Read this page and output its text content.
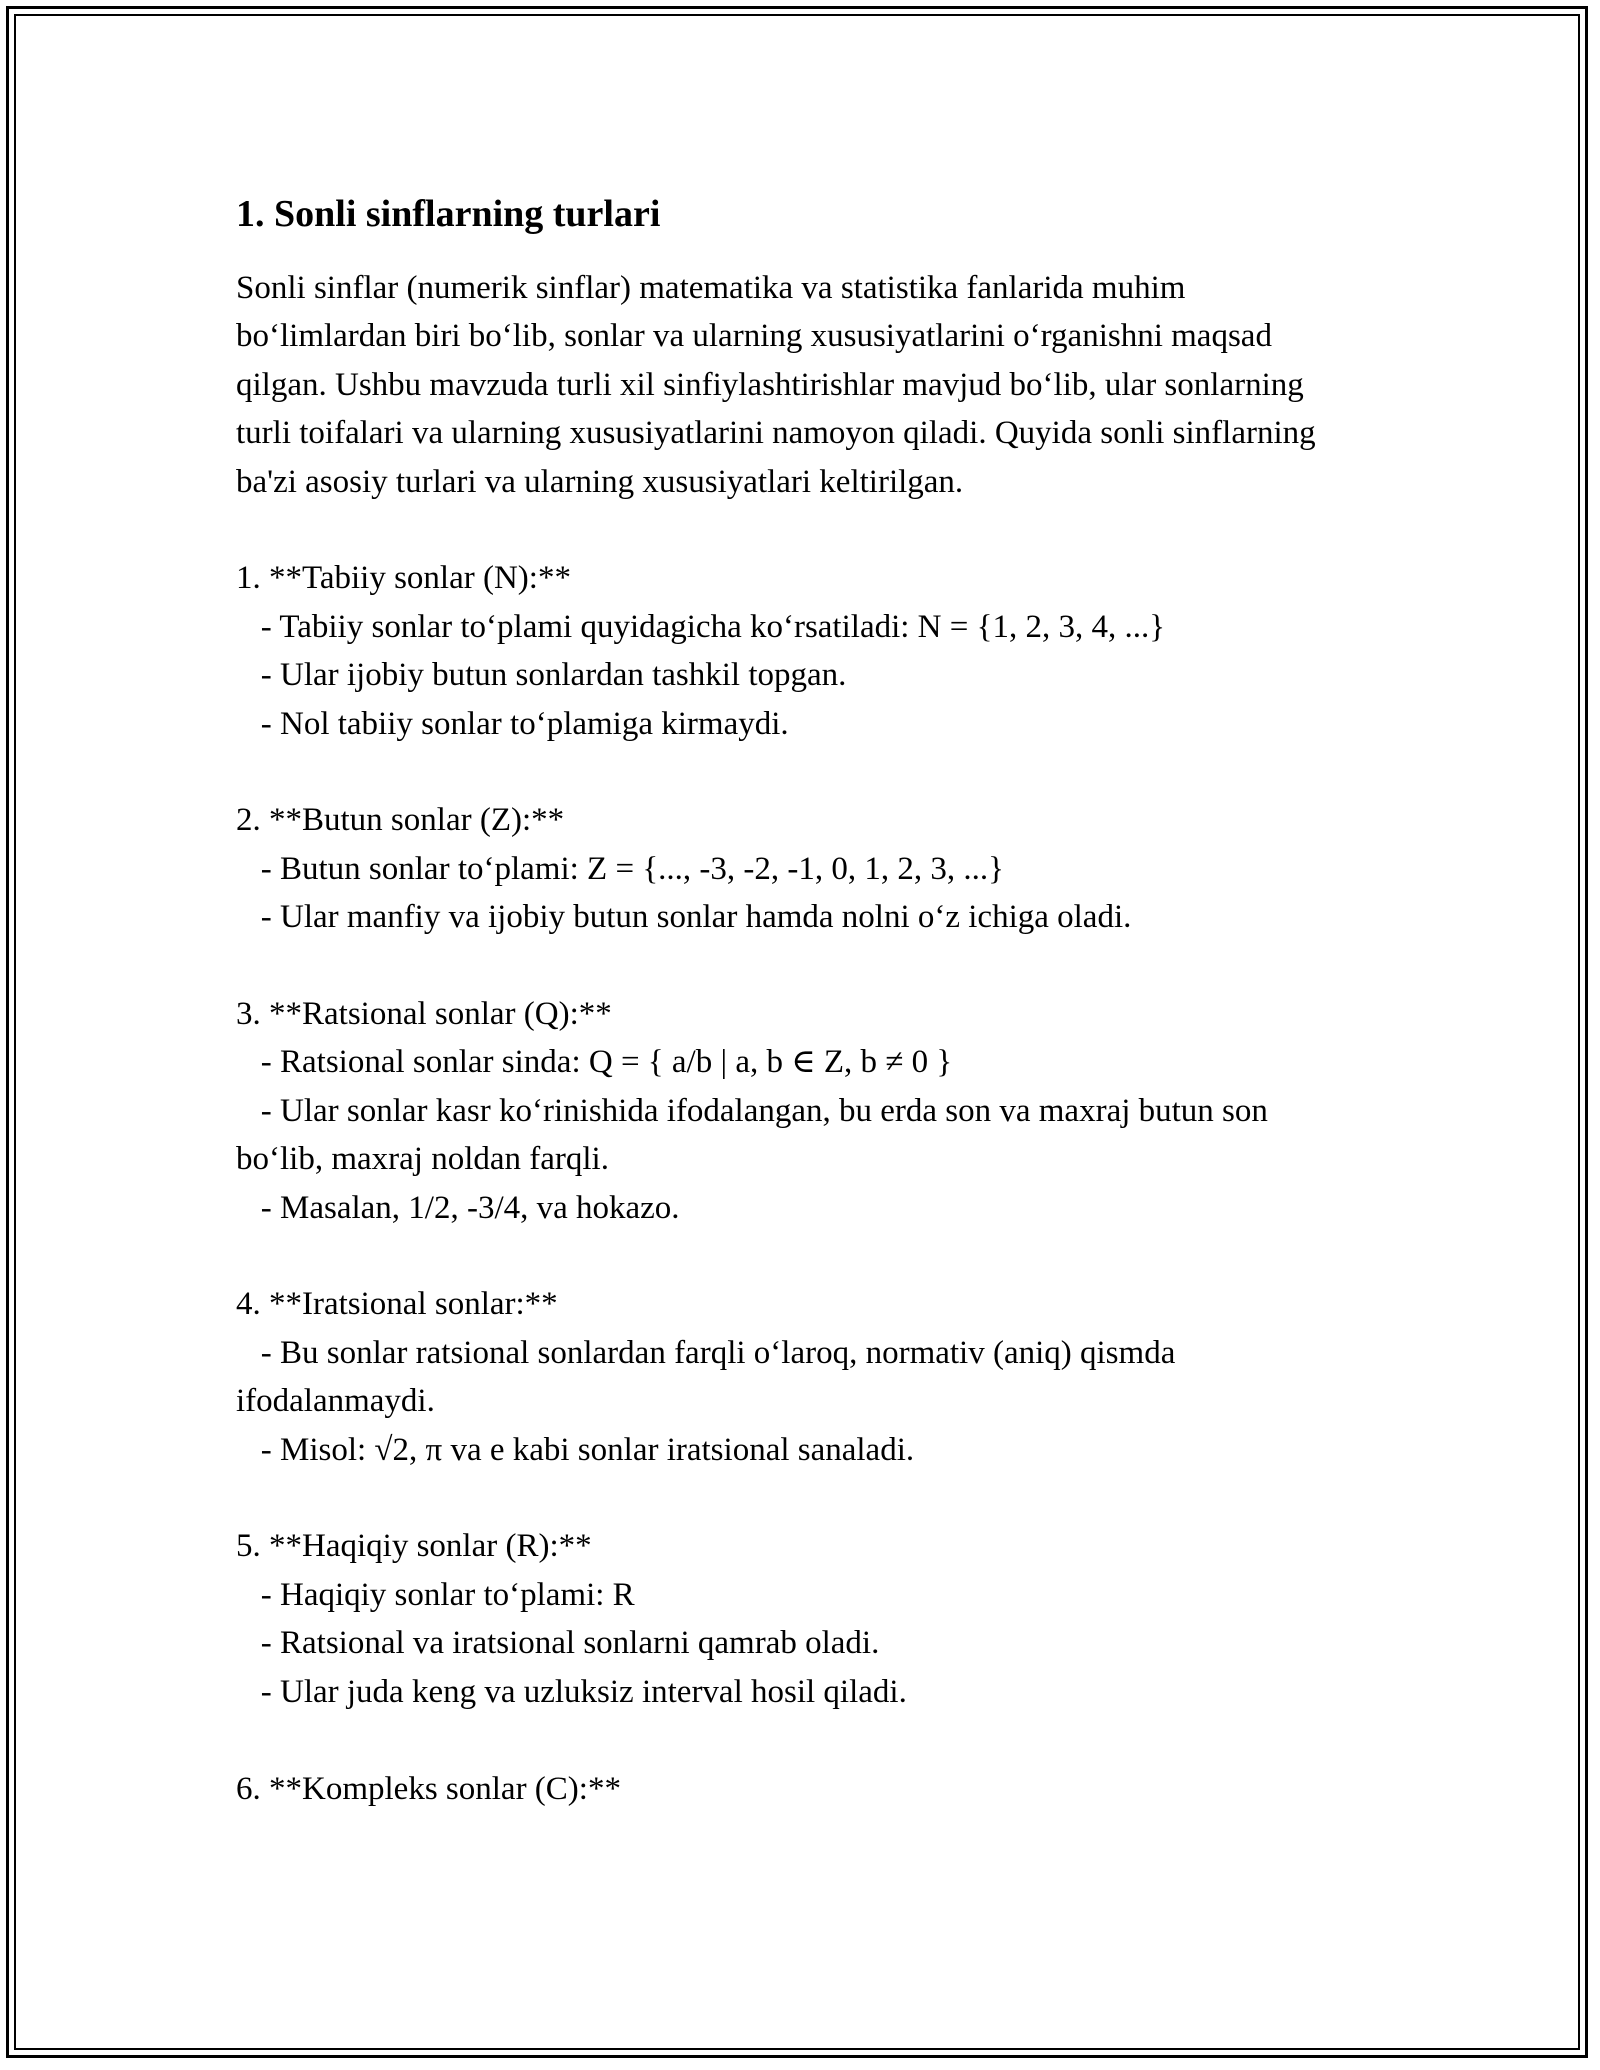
1. Sonli sinflarning turlari

Sonli sinflar (numerik sinflar) matematika va statistika fanlarida muhim bo‘limlardan biri bo‘lib, sonlar va ularning xususiyatlarini o‘rganishni maqsad qilgan. Ushbu mavzuda turli xil sinfiylashtirishlar mavjud bo‘lib, ular sonlarning turli toifalari va ularning xususiyatlarini namoyon qiladi. Quyida sonli sinflarning ba'zi asosiy turlari va ularning xususiyatlari keltirilgan.

1. **Tabiiy sonlar (N):**
- Tabiiy sonlar to‘plami quyidagicha ko‘rsatiladi: N = {1, 2, 3, 4, ...}
- Ular ijobiy butun sonlardan tashkil topgan.
- Nol tabiiy sonlar to‘plamiga kirmaydi.
2. **Butun sonlar (Z):**
- Butun sonlar to‘plami: Z = {..., -3, -2, -1, 0, 1, 2, 3, ...}
- Ular manfiy va ijobiy butun sonlar hamda nolni o‘z ichiga oladi.
3. **Ratsional sonlar (Q):**
- Ratsional sonlar sinda: Q = { a/b | a, b ∈ Z, b ≠ 0 }
- Ular sonlar kasr ko‘rinishida ifodalangan, bu erda son va maxraj butun son bo‘lib, maxraj noldan farqli.
- Masalan, 1/2, -3/4, va hokazo.
4. **Iratsional sonlar:**
- Bu sonlar ratsional sonlardan farqli o‘laroq, normativ (aniq) qismda ifodalanmaydi.
- Misol: √2, π va e kabi sonlar iratsional sanaladi.
5. **Haqiqiy sonlar (R):**
- Haqiqiy sonlar to‘plami: R
- Ratsional va iratsional sonlarni qamrab oladi.
- Ular juda keng va uzluksiz interval hosil qiladi.
6. **Kompleks sonlar (C):**
